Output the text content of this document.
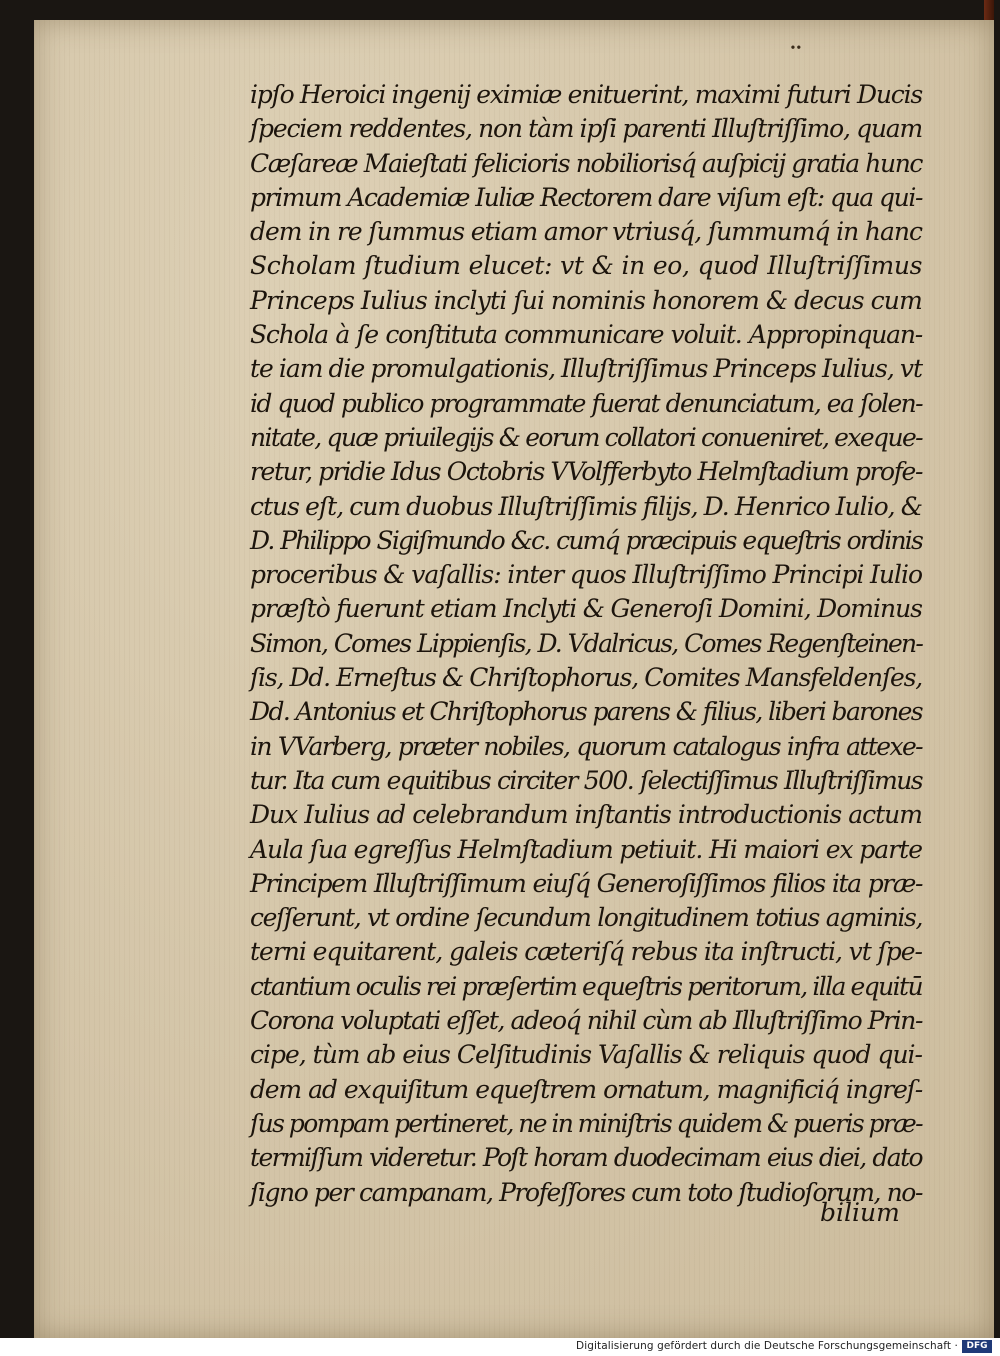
∙∙
ipſo Heroici ingenij eximiæ enituerint, maximi futuri Ducis
ſpeciem reddentes, non tàm ipſi parenti Illuſtriſſimo, quam
Cæſareæ Maieſtati felicioris nobiliorisq́ auſpicij gratia hunc
primum Academiæ Iuliæ Rectorem dare viſum eſt: qua qui-
dem in re ſummus etiam amor vtriusq́, ſummumq́ in hanc
Scholam ſtudium elucet: vt & in eo, quod Illuſtriſſimus
Princeps Iulius inclyti ſui nominis honorem & decus cum
Schola à ſe conſtituta communicare voluit. Appropinquan-
te iam die promulgationis, Illuſtriſſimus Princeps Iulius, vt
id quod publico programmate fuerat denunciatum, ea ſolen-
nitate, quæ priuilegijs & eorum collatori conueniret, exeque-
retur, pridie Idus Octobris VVolfferbyto Helmſtadium profe-
ctus eſt, cum duobus Illuſtriſſimis filijs, D. Henrico Iulio, &
D. Philippo Sigiſmundo &c. cumq́ præcipuis equeſtris ordinis
proceribus & vaſallis: inter quos Illuſtriſſimo Principi Iulio
præſtò fuerunt etiam Inclyti & Generoſi Domini, Dominus
Simon, Comes Lippienſis, D. Vdalricus, Comes Regenſteinen-
ſis, Dd. Erneſtus & Chriſtophorus, Comites Mansfeldenſes,
Dd. Antonius et Chriſtophorus parens & filius, liberi barones
in VVarberg, præter nobiles, quorum catalogus infra attexe-
tur. Ita cum equitibus circiter 500. ſelectiſſimus Illuſtriſſimus
Dux Iulius ad celebrandum inſtantis introductionis actum
Aula ſua egreſſus Helmſtadium petiuit. Hi maiori ex parte
Principem Illuſtriſſimum eiuſq́ Generoſiſſimos filios ita præ-
ceſſerunt, vt ordine ſecundum longitudinem totius agminis,
terni equitarent, galeis cæteriſq́ rebus ita inſtructi, vt ſpe-
ctantium oculis rei præſertim equeſtris peritorum, illa equitū
Corona voluptati eſſet, adeoq́ nihil cùm ab Illuſtriſſimo Prin-
cipe, tùm ab eius Celſitudinis Vaſallis & reliquis quod qui-
dem ad exquiſitum equeſtrem ornatum, magnificiq́ ingreſ-
ſus pompam pertineret, ne in miniſtris quidem & pueris præ-
termiſſum videretur. Poſt horam duodecimam eius diei, dato
ſigno per campanam, Profeſſores cum toto ſtudioſorum, no-
bilium
Digitalisierung gefördert durch die Deutsche Forschungsgemeinschaft · DFG
